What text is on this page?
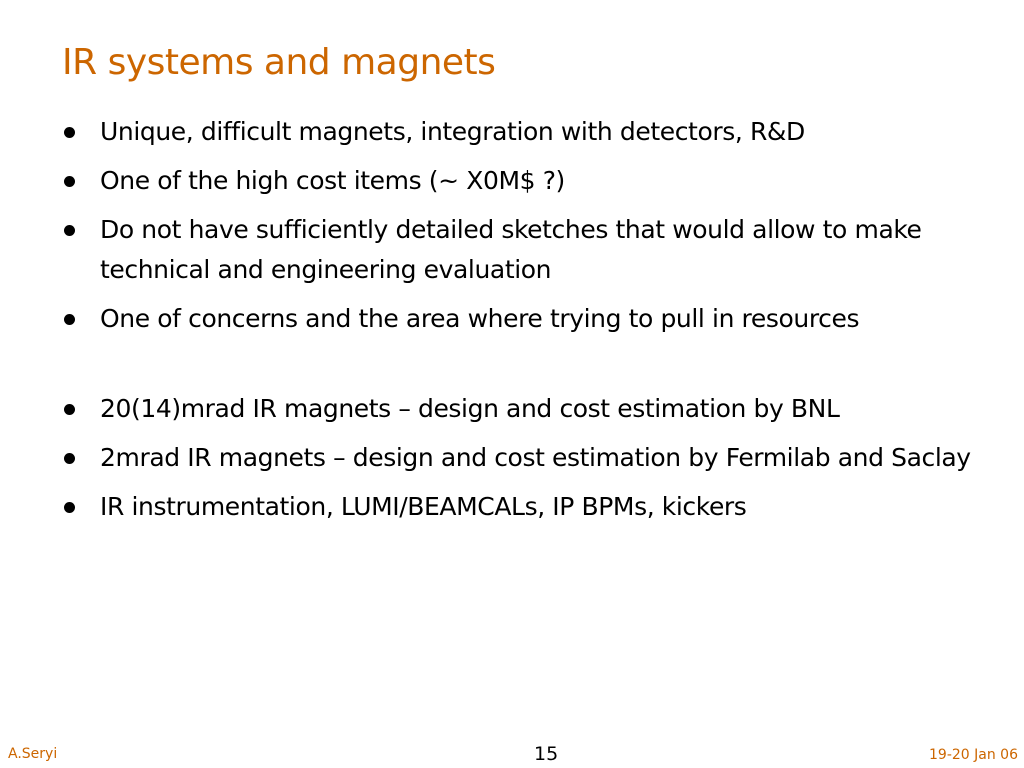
IR systems and magnets
Unique, difficult magnets, integration with detectors, R&D
One of the high cost items (~ X0M$ ?)
Do not have sufficiently detailed sketches that would allow to make technical and engineering evaluation
One of concerns and the area where trying to pull in resources
20(14)mrad IR magnets – design and cost estimation by BNL
2mrad IR magnets – design and cost estimation by Fermilab and Saclay
IR instrumentation, LUMI/BEAMCALs, IP BPMs, kickers
A.Seryi	15	19-20 Jan 06
